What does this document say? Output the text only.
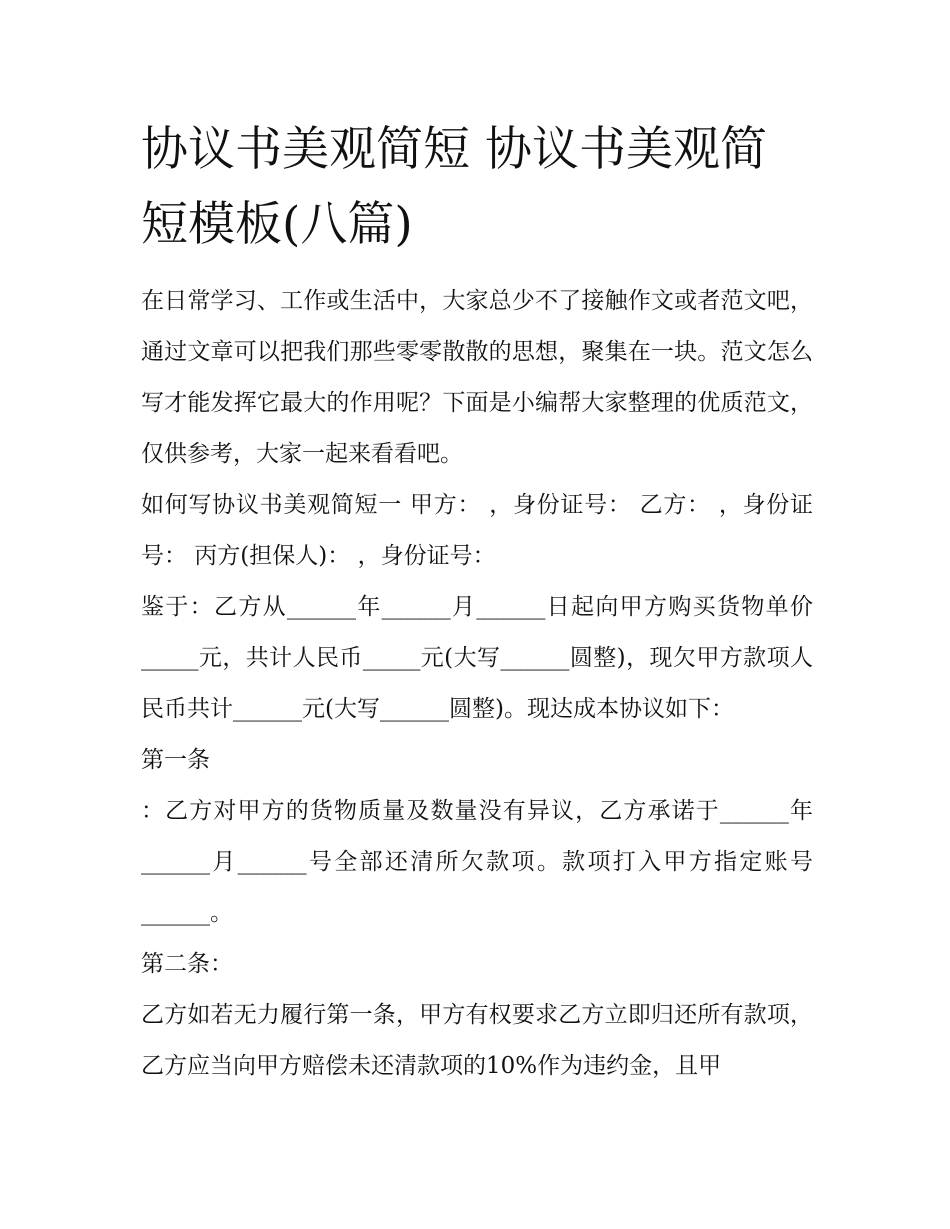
协议书美观简短 协议书美观简短模板(八篇)

在日常学习、工作或生活中，大家总少不了接触作文或者范文吧，通过文章可以把我们那些零零散散的思想，聚集在一块。范文怎么写才能发挥它最大的作用呢？下面是小编帮大家整理的优质范文，仅供参考，大家一起来看看吧。

如何写协议书美观简短一 甲方： ，身份证号： 乙方： ，身份证号： 丙方(担保人)： ，身份证号：

鉴于：乙方从______年______月______日起向甲方购买货物单价_____元，共计人民币_____元(大写______圆整)，现欠甲方款项人民币共计______元(大写______圆整)。现达成本协议如下：

第一条

：乙方对甲方的货物质量及数量没有异议，乙方承诺于______年______月______号全部还清所欠款项。款项打入甲方指定账号______。

第二条：

乙方如若无力履行第一条，甲方有权要求乙方立即归还所有款项，乙方应当向甲方赔偿未还清款项的10%作为违约金，且甲
